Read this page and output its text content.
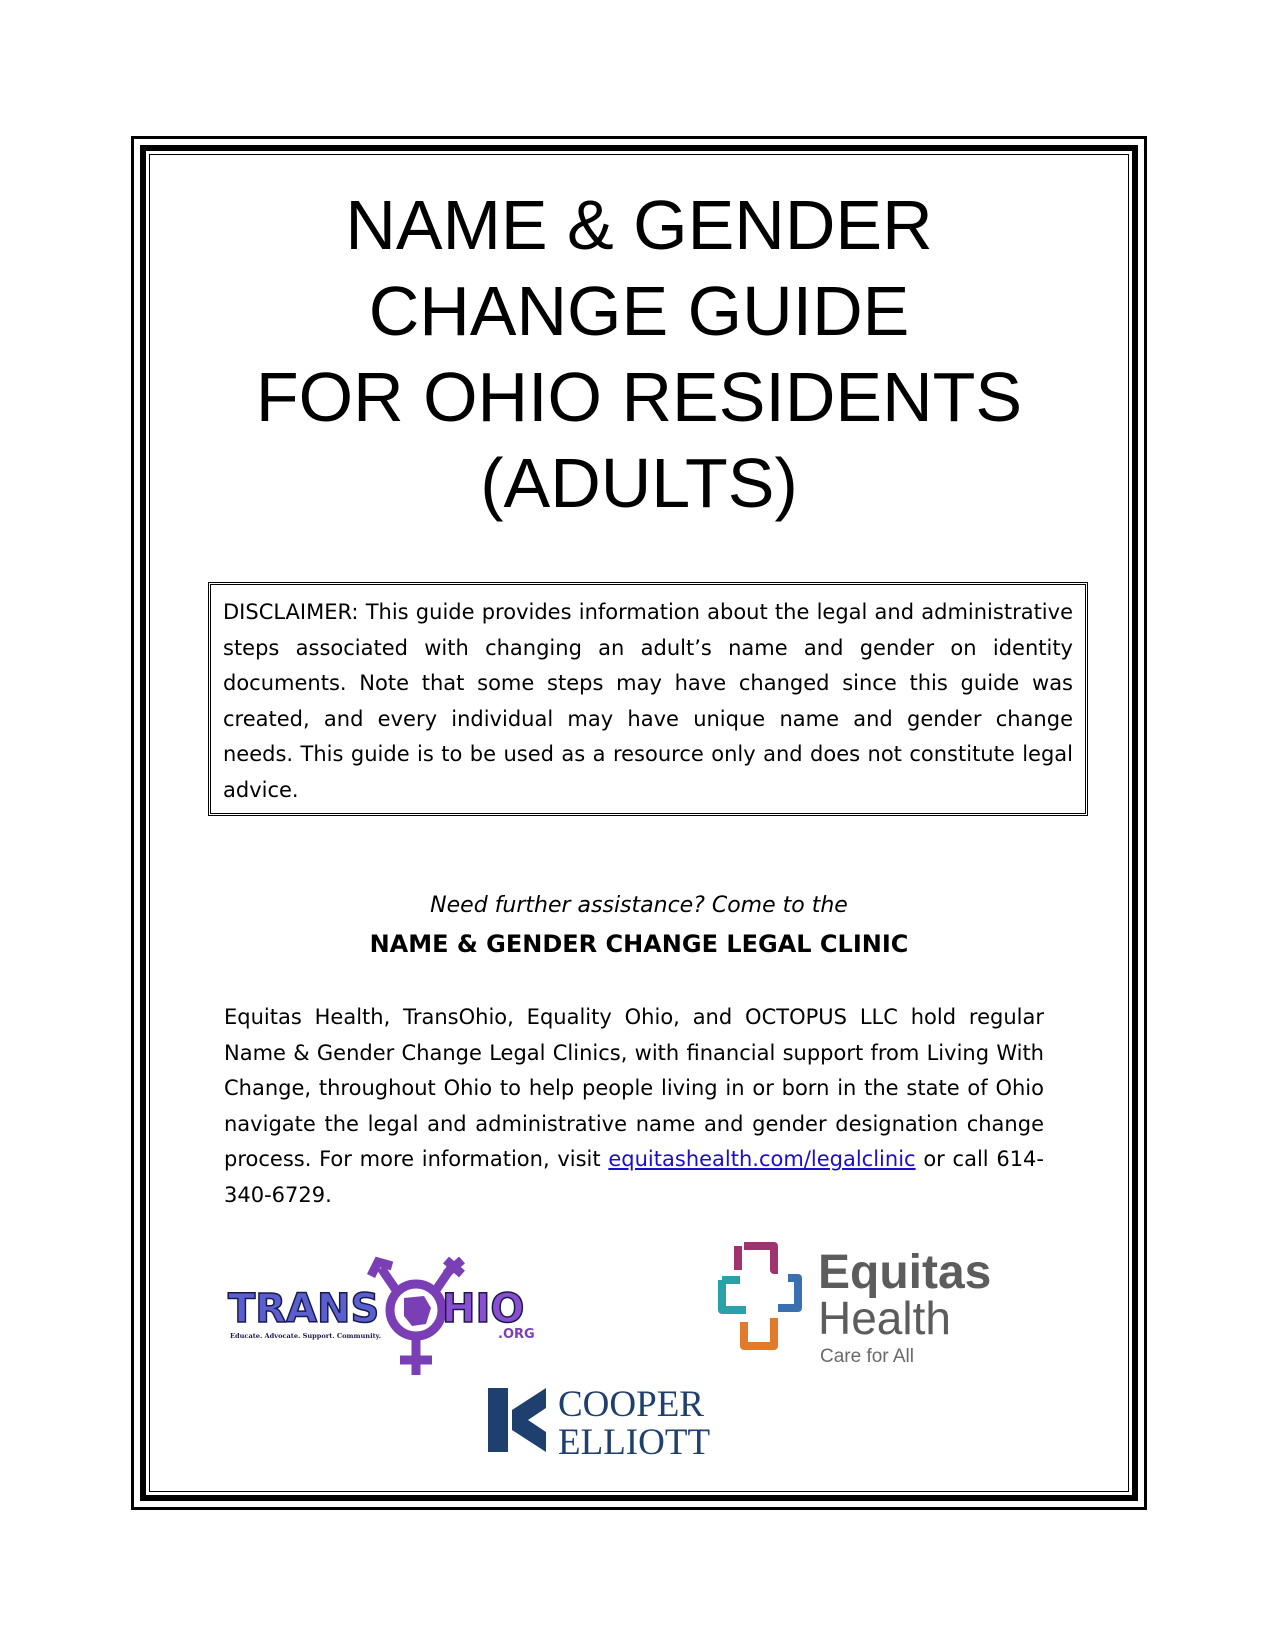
NAME & GENDER
CHANGE GUIDE
FOR OHIO RESIDENTS
(ADULTS)
DISCLAIMER: This guide provides information about the legal and administrative steps associated with changing an adult’s name and gender on identity documents. Note that some steps may have changed since this guide was created, and every individual may have unique name and gender change needs. This guide is to be used as a resource only and does not constitute legal advice.
Need further assistance? Come to the
NAME & GENDER CHANGE LEGAL CLINIC
Equitas Health, TransOhio, Equality Ohio, and OCTOPUS LLC hold regular Name & Gender Change Legal Clinics, with financial support from Living With Change, throughout Ohio to help people living in or born in the state of Ohio navigate the legal and administrative name and gender designation change process. For more information, visit equitashealth.com/legalclinic or call 614-340-6729.
TRANS HIO
.ORG
Educate. Advocate. Support. Community.
Equitas
Health
Care for All
COOPER
ELLIOTT
